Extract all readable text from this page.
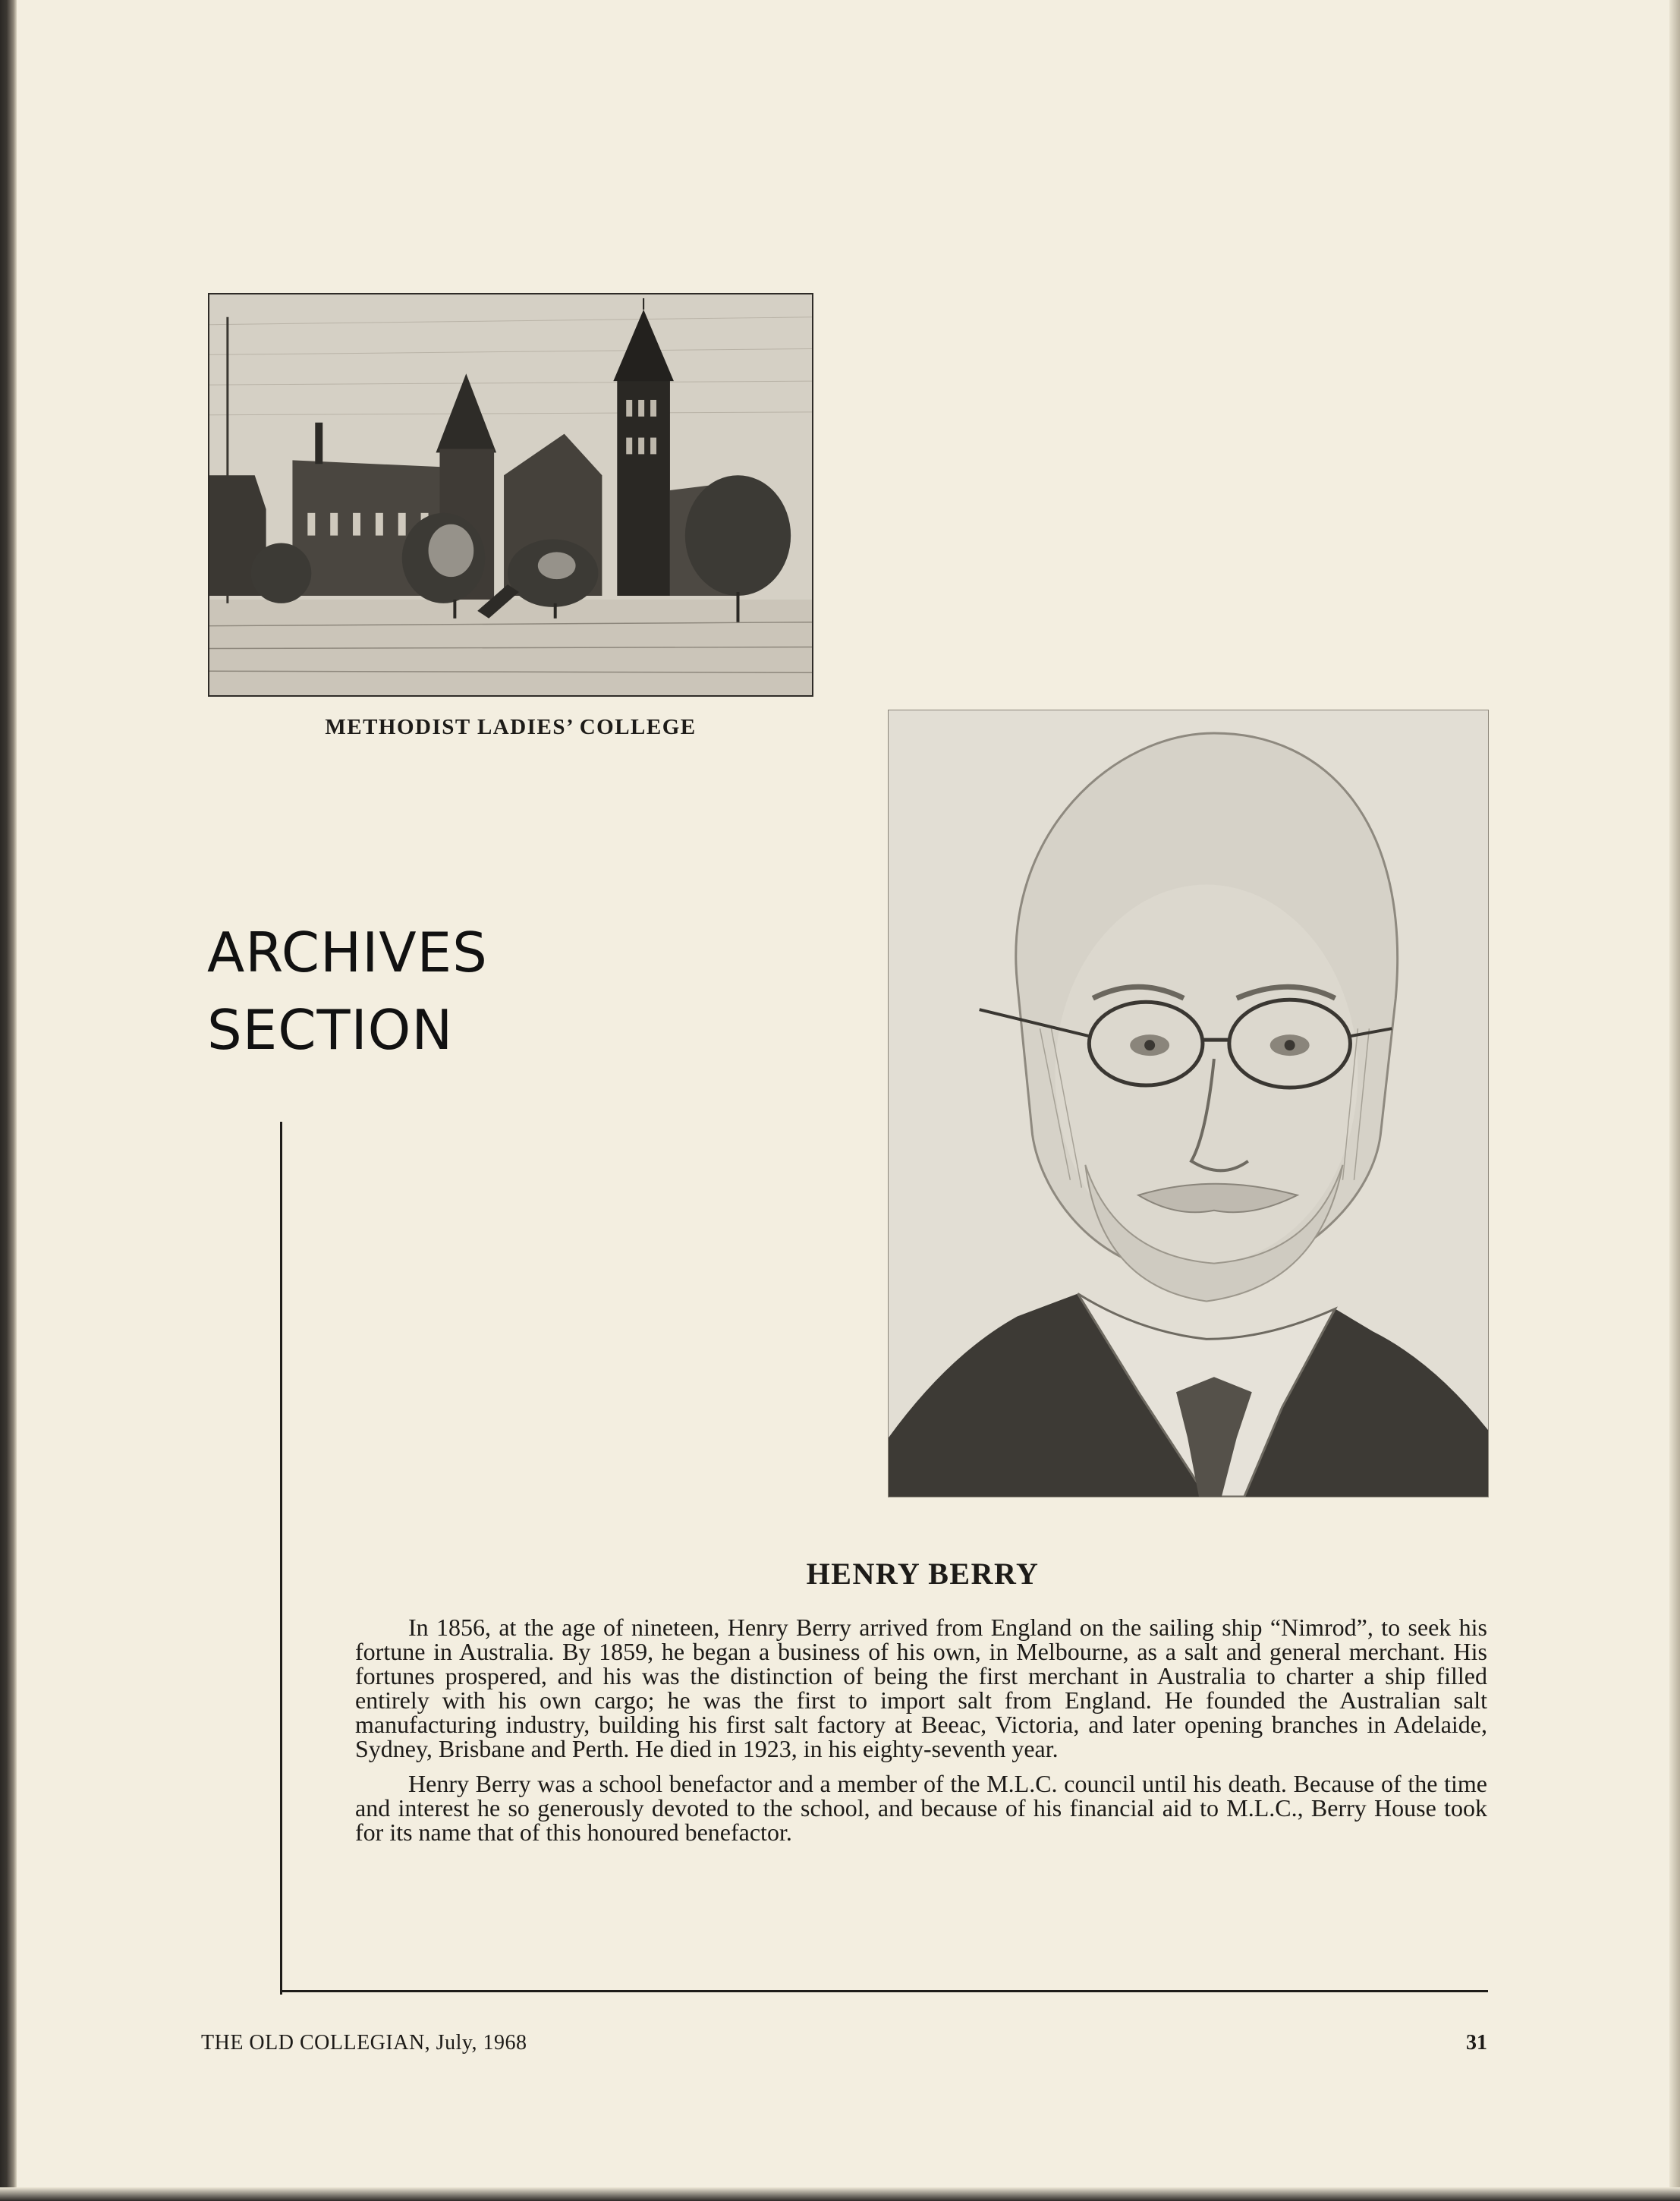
METHODIST LADIES’ COLLEGE
ARCHIVES
SECTION
HENRY BERRY

In 1856, at the age of nineteen, Henry Berry arrived from England on the sailing ship “Nimrod”, to seek his fortune in Australia. By 1859, he began a business of his own, in Melbourne, as a salt and general merchant. His fortunes prospered, and his was the distinction of being the first merchant in Australia to charter a ship filled entirely with his own cargo; he was the first to import salt from England. He founded the Australian salt manufacturing industry, building his first salt factory at Beeac, Victoria, and later opening branches in Adelaide, Sydney, Brisbane and Perth. He died in 1923, in his eighty-seventh year.

Henry Berry was a school benefactor and a member of the M.L.C. council until his death. Because of the time and interest he so generously devoted to the school, and because of his financial aid to M.L.C., Berry House took for its name that of this honoured benefactor.

THE OLD COLLEGIAN, July, 1968	31
